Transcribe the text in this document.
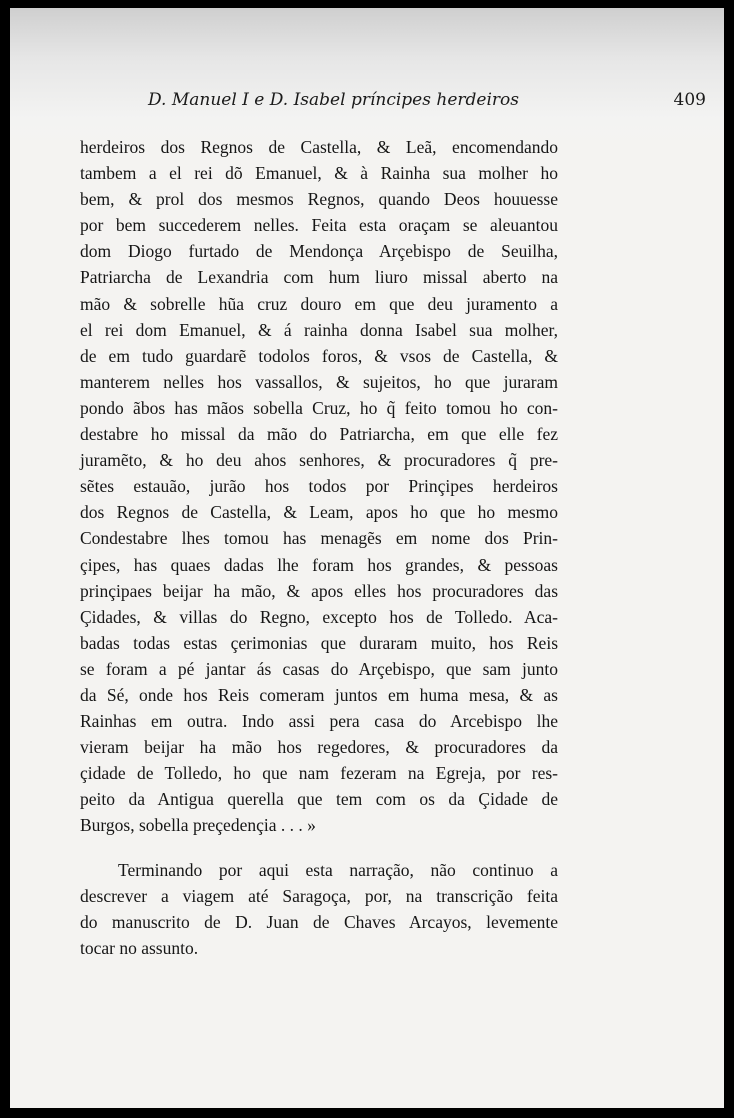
D. Manuel I e D. Isabel príncipes herdeiros	409
herdeiros dos Regnos de Castella, & Leã, encomendando
tambem a el rei dõ Emanuel, & à Rainha sua molher ho
bem, & prol dos mesmos Regnos, quando Deos houuesse
por bem succederem nelles. Feita esta oraçam se aleuantou
dom Diogo furtado de Mendonça Arçebispo de Seuilha,
Patriarcha de Lexandria com hum liuro missal aberto na
mão & sobrelle hũa cruz douro em que deu juramento a
el rei dom Emanuel, & á rainha donna Isabel sua molher,
de em tudo guardarẽ todolos foros, & vsos de Castella, &
manterem nelles hos vassallos, & sujeitos, ho que juraram
pondo ãbos has mãos sobella Cruz, ho q̃ feito tomou ho con-
destabre ho missal da mão do Patriarcha, em que elle fez
juramẽto, & ho deu ahos senhores, & procuradores q̃ pre-
sẽtes estauão, jurão hos todos por Prinçipes herdeiros
dos Regnos de Castella, & Leam, apos ho que ho mesmo
Condestabre lhes tomou has menagẽs em nome dos Prin-
çipes, has quaes dadas lhe foram hos grandes, & pessoas
prinçipaes beijar ha mão, & apos elles hos procuradores das
Çidades, & villas do Regno, excepto hos de Tolledo. Aca-
badas todas estas çerimonias que duraram muito, hos Reis
se foram a pé jantar ás casas do Arçebispo, que sam junto
da Sé, onde hos Reis comeram juntos em huma mesa, & as
Rainhas em outra. Indo assi pera casa do Arcebispo lhe
vieram beijar ha mão hos regedores, & procuradores da
çidade de Tolledo, ho que nam fezeram na Egreja, por res-
peito da Antigua querella que tem com os da Çidade de
Burgos, sobella preçedençia . . . »
Terminando por aqui esta narração, não continuo a
descrever a viagem até Saragoça, por, na transcrição feita
do manuscrito de D. Juan de Chaves Arcayos, levemente
tocar no assunto.
